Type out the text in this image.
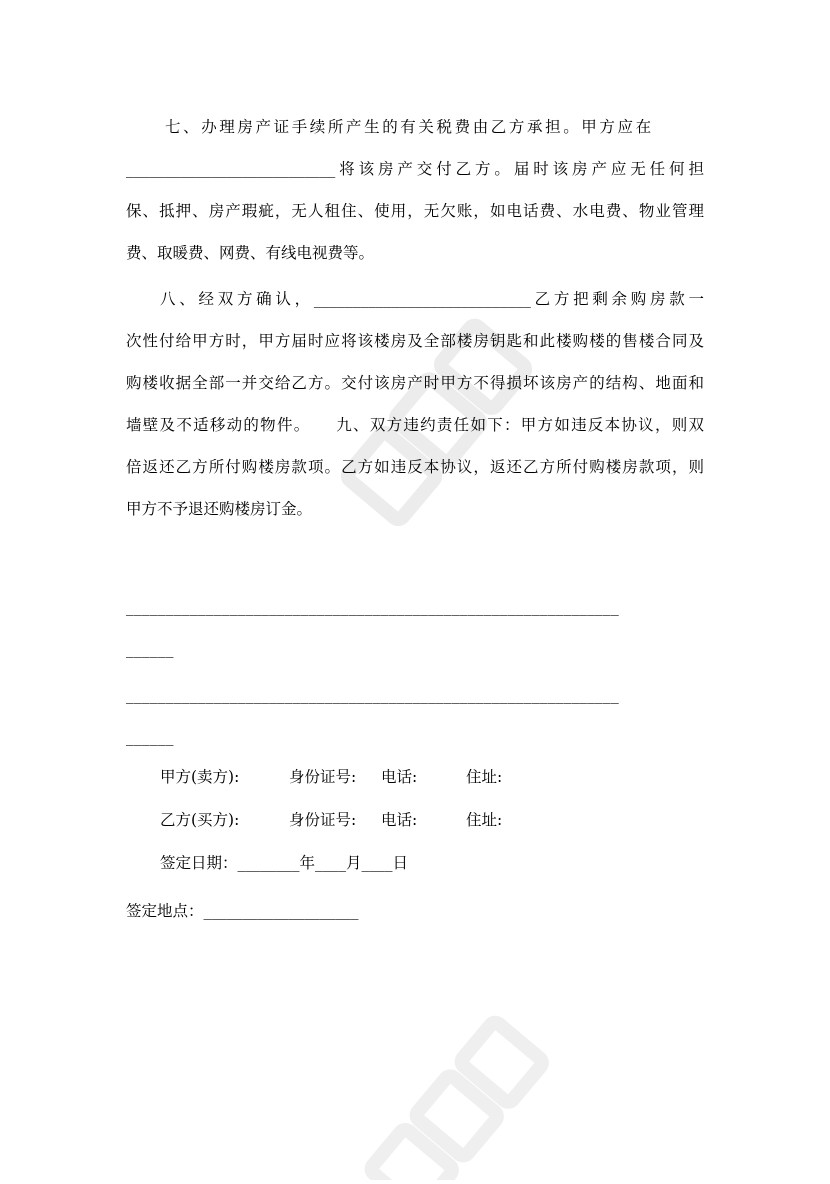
七、办理房产证手续所产生的有关税费由乙方承担。甲方应在
___________________________将该房产交付乙方。届时该房产应无任何担
保、抵押、房产瑕疵，无人租住、使用，无欠账，如电话费、水电费、物业管理
费、取暖费、网费、有线电视费等。
八、经双方确认，____________________________乙方把剩余购房款一
次性付给甲方时，甲方届时应将该楼房及全部楼房钥匙和此楼购楼的售楼合同及
购楼收据全部一并交给乙方。交付该房产时甲方不得损坏该房产的结构、地面和
墙壁及不适移动的物件。　　九、双方违约责任如下：甲方如违反本协议，则双
倍返还乙方所付购楼房款项。乙方如违反本协议，返还乙方所付购楼房款项，则
甲方不予退还购楼房订金。
______________________________________________________________
______
______________________________________________________________
______
甲方(卖方):	身份证号: 电话:	住址:
乙方(买方):	身份证号: 电话:	住址:
签定日期：________年____月____日
签定地点：____________________
